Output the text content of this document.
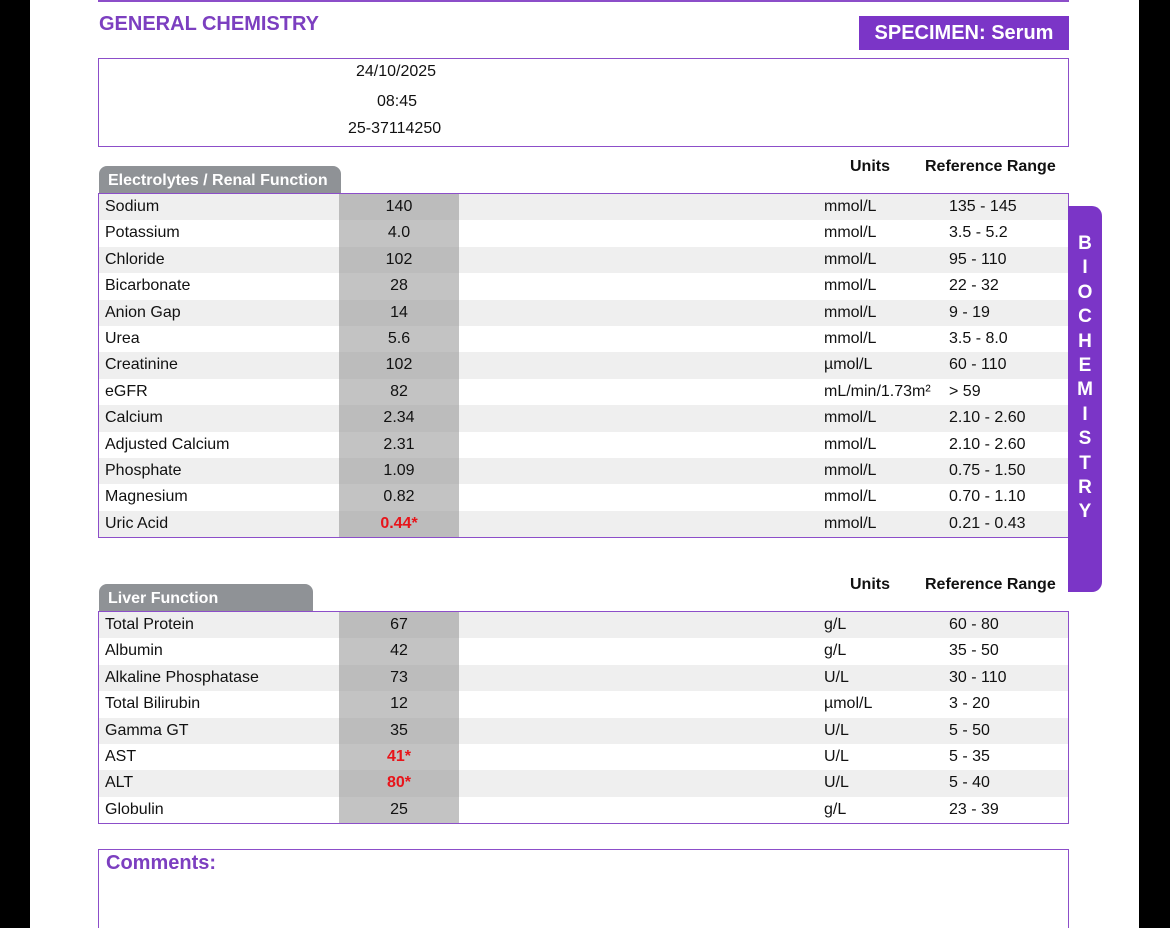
GENERAL CHEMISTRY	SPECIMEN: Serum
24/10/2025
08:45
25-37114250
Units Reference Range
Electrolytes / Renal Function
Sodium	140	mmol/L	135 - 145
Potassium	4.0	mmol/L	3.5 - 5.2
Chloride	102	mmol/L	95 - 110
Bicarbonate	28	mmol/L	22 - 32
Anion Gap	14	mmol/L	9 - 19
Urea	5.6	mmol/L	3.5 - 8.0
Creatinine	102	µmol/L	60 - 110
eGFR	82	mL/min/1.73m² > 59
Calcium	2.34	mmol/L	2.10 - 2.60
Adjusted Calcium	2.31	mmol/L	2.10 - 2.60
Phosphate	1.09	mmol/L	0.75 - 1.50
Magnesium	0.82	mmol/L	0.70 - 1.10
Uric Acid	0.44*	mmol/L	0.21 - 0.43
Units Reference Range
Liver Function
Total Protein	67	g/L	60 - 80
Albumin	42	g/L	35 - 50
Alkaline Phosphatase	73	U/L	30 - 110
Total Bilirubin	12	µmol/L	3 - 20
Gamma GT	35	U/L	5 - 50
AST	41*	U/L	5 - 35
ALT	80*	U/L	5 - 40
Globulin	25	g/L	23 - 39
B
I
O
C
H
E
M
I
S
T
R
Y
Comments:
